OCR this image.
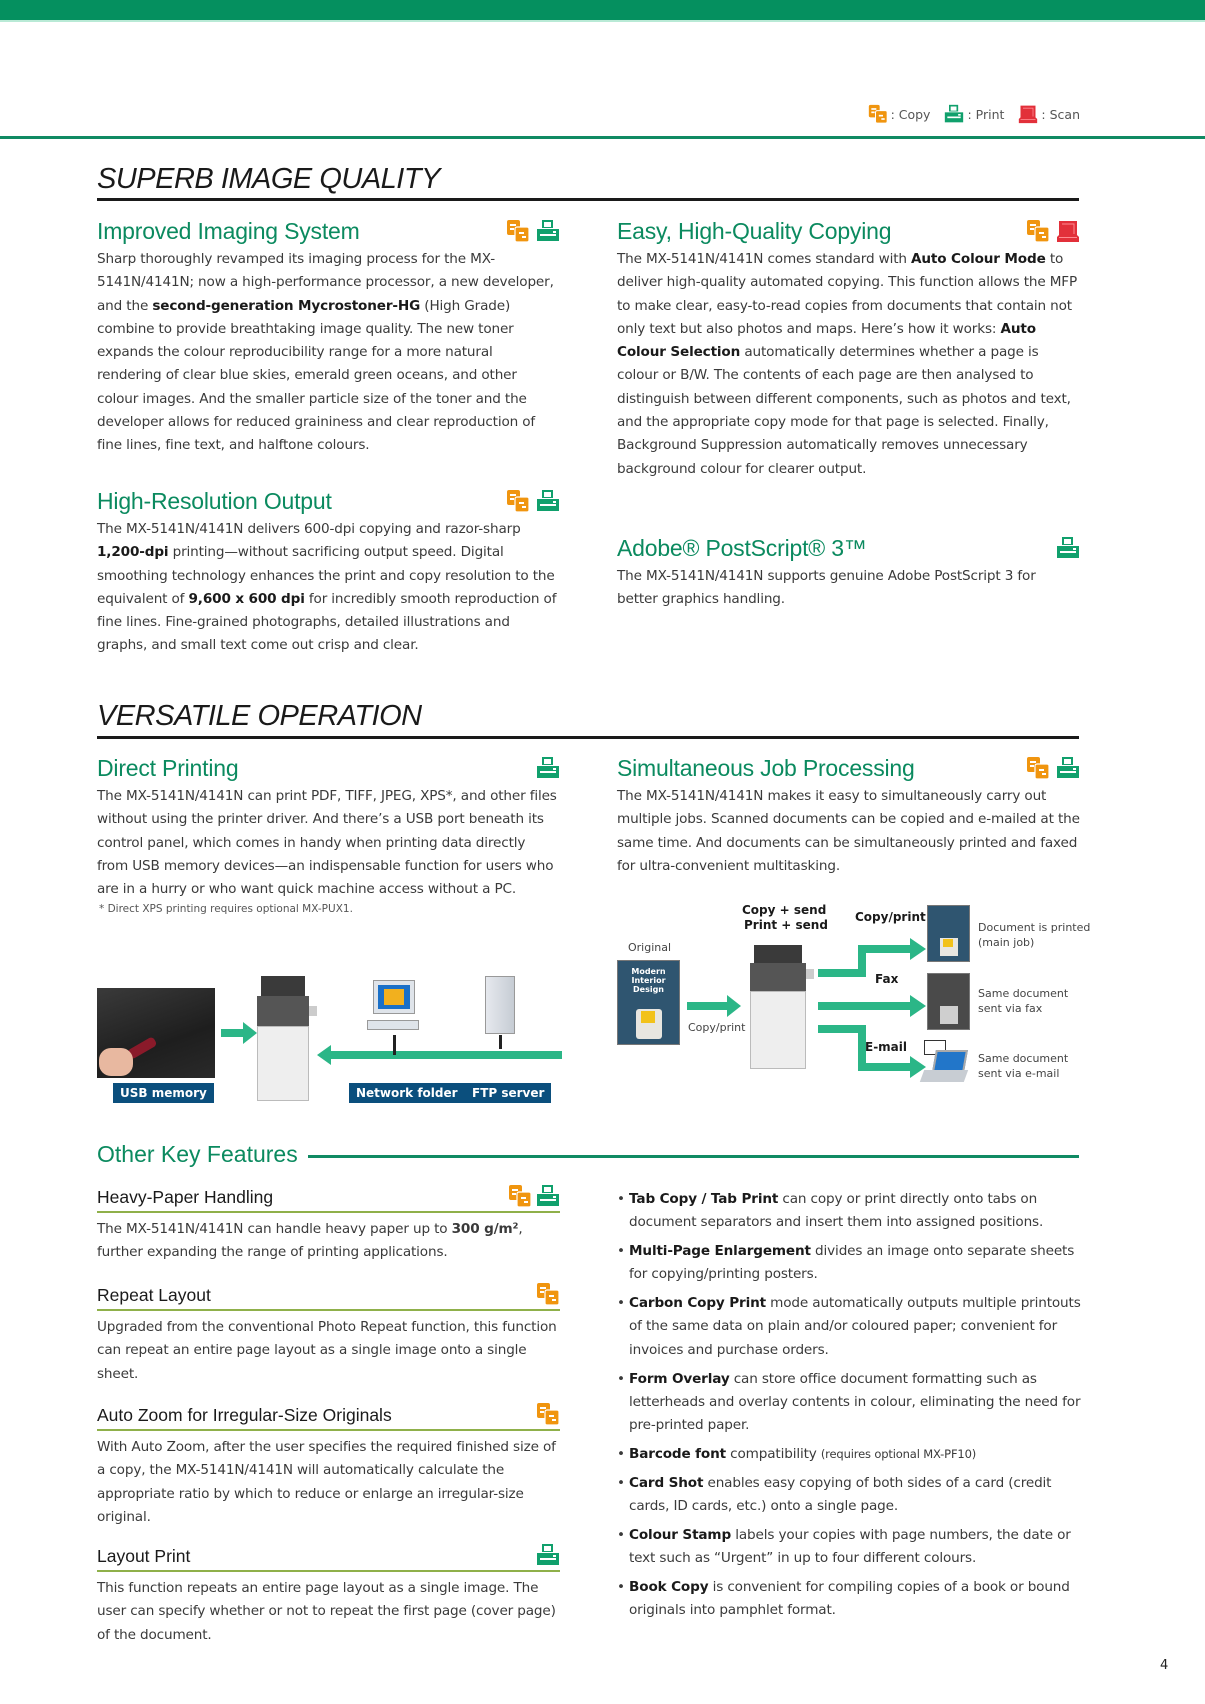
: Copy	: Print	: Scan
SUPERB IMAGE QUALITY
Improved Imaging System

Sharp thoroughly revamped its imaging process for the MX-5141N/4141N; now a high-performance processor, a new developer, and the second-generation Mycrostoner-HG (High Grade) combine to provide breathtaking image quality. The new toner expands the colour reproducibility range for a more natural rendering of clear blue skies, emerald green oceans, and other colour images. And the smaller particle size of the toner and the developer allows for reduced graininess and clear reproduction of fine lines, fine text, and halftone colours.

High-Resolution Output

The MX-5141N/4141N delivers 600-dpi copying and razor-sharp 1,200-dpi printing—without sacrificing output speed. Digital smoothing technology enhances the print and copy resolution to the equivalent of 9,600 x 600 dpi for incredibly smooth reproduction of fine lines. Fine-grained photographs, detailed illustrations and graphs, and small text come out crisp and clear.

Easy, High-Quality Copying

The MX-5141N/4141N comes standard with Auto Colour Mode to deliver high-quality automated copying. This function allows the MFP to make clear, easy-to-read copies from documents that contain not only text but also photos and maps. Here’s how it works: Auto Colour Selection automatically determines whether a page is colour or B/W. The contents of each page are then analysed to distinguish between different components, such as photos and text, and the appropriate copy mode for that page is selected. Finally, Background Suppression automatically removes unnecessary background colour for clearer output.

Adobe® PostScript® 3™

The MX-5141N/4141N supports genuine Adobe PostScript 3 for better graphics handling.

VERSATILE OPERATION
Direct Printing

The MX-5141N/4141N can print PDF, TIFF, JPEG, XPS*, and other files without using the printer driver. And there’s a USB port beneath its control panel, which comes in handy when printing data directly from USB memory devices—an indispensable function for users who are in a hurry or who want quick machine access without a PC.

* Direct XPS printing requires optional MX-PUX1.
USB memory	Network folder	FTP server
Simultaneous Job Processing

The MX-5141N/4141N makes it easy to simultaneously carry out multiple jobs. Scanned documents can be copied and e-mailed at the same time. And documents can be simultaneously printed and faxed for ultra-convenient multitasking.

Original
Modern Interior Design
Copy/print
Copy + send
Print + send
Copy/print
Fax
E-mail
Document is printed
(main job)
Same document
sent via fax
Same document
sent via e-mail
Other Key Features
Heavy-Paper Handling

The MX-5141N/4141N can handle heavy paper up to 300 g/m², further expanding the range of printing applications.

Repeat Layout

Upgraded from the conventional Photo Repeat function, this function can repeat an entire page layout as a single image onto a single sheet.

Auto Zoom for Irregular-Size Originals

With Auto Zoom, after the user specifies the required finished size of a copy, the MX-5141N/4141N will automatically calculate the appropriate ratio by which to reduce or enlarge an irregular-size original.

Layout Print

This function repeats an entire page layout as a single image. The user can specify whether or not to repeat the first page (cover page) of the document.

• Tab Copy / Tab Print can copy or print directly onto tabs on document separators and insert them into assigned positions.
• Multi-Page Enlargement divides an image onto separate sheets for copying/printing posters.
• Carbon Copy Print mode automatically outputs multiple printouts of the same data on plain and/or coloured paper; convenient for invoices and purchase orders.
• Form Overlay can store office document formatting such as letterheads and overlay contents in colour, eliminating the need for pre-printed paper.
• Barcode font compatibility (requires optional MX-PF10)
• Card Shot enables easy copying of both sides of a card (credit cards, ID cards, etc.) onto a single page.
• Colour Stamp labels your copies with page numbers, the date or text such as “Urgent” in up to four different colours.
• Book Copy is convenient for compiling copies of a book or bound originals into pamphlet format.
4
